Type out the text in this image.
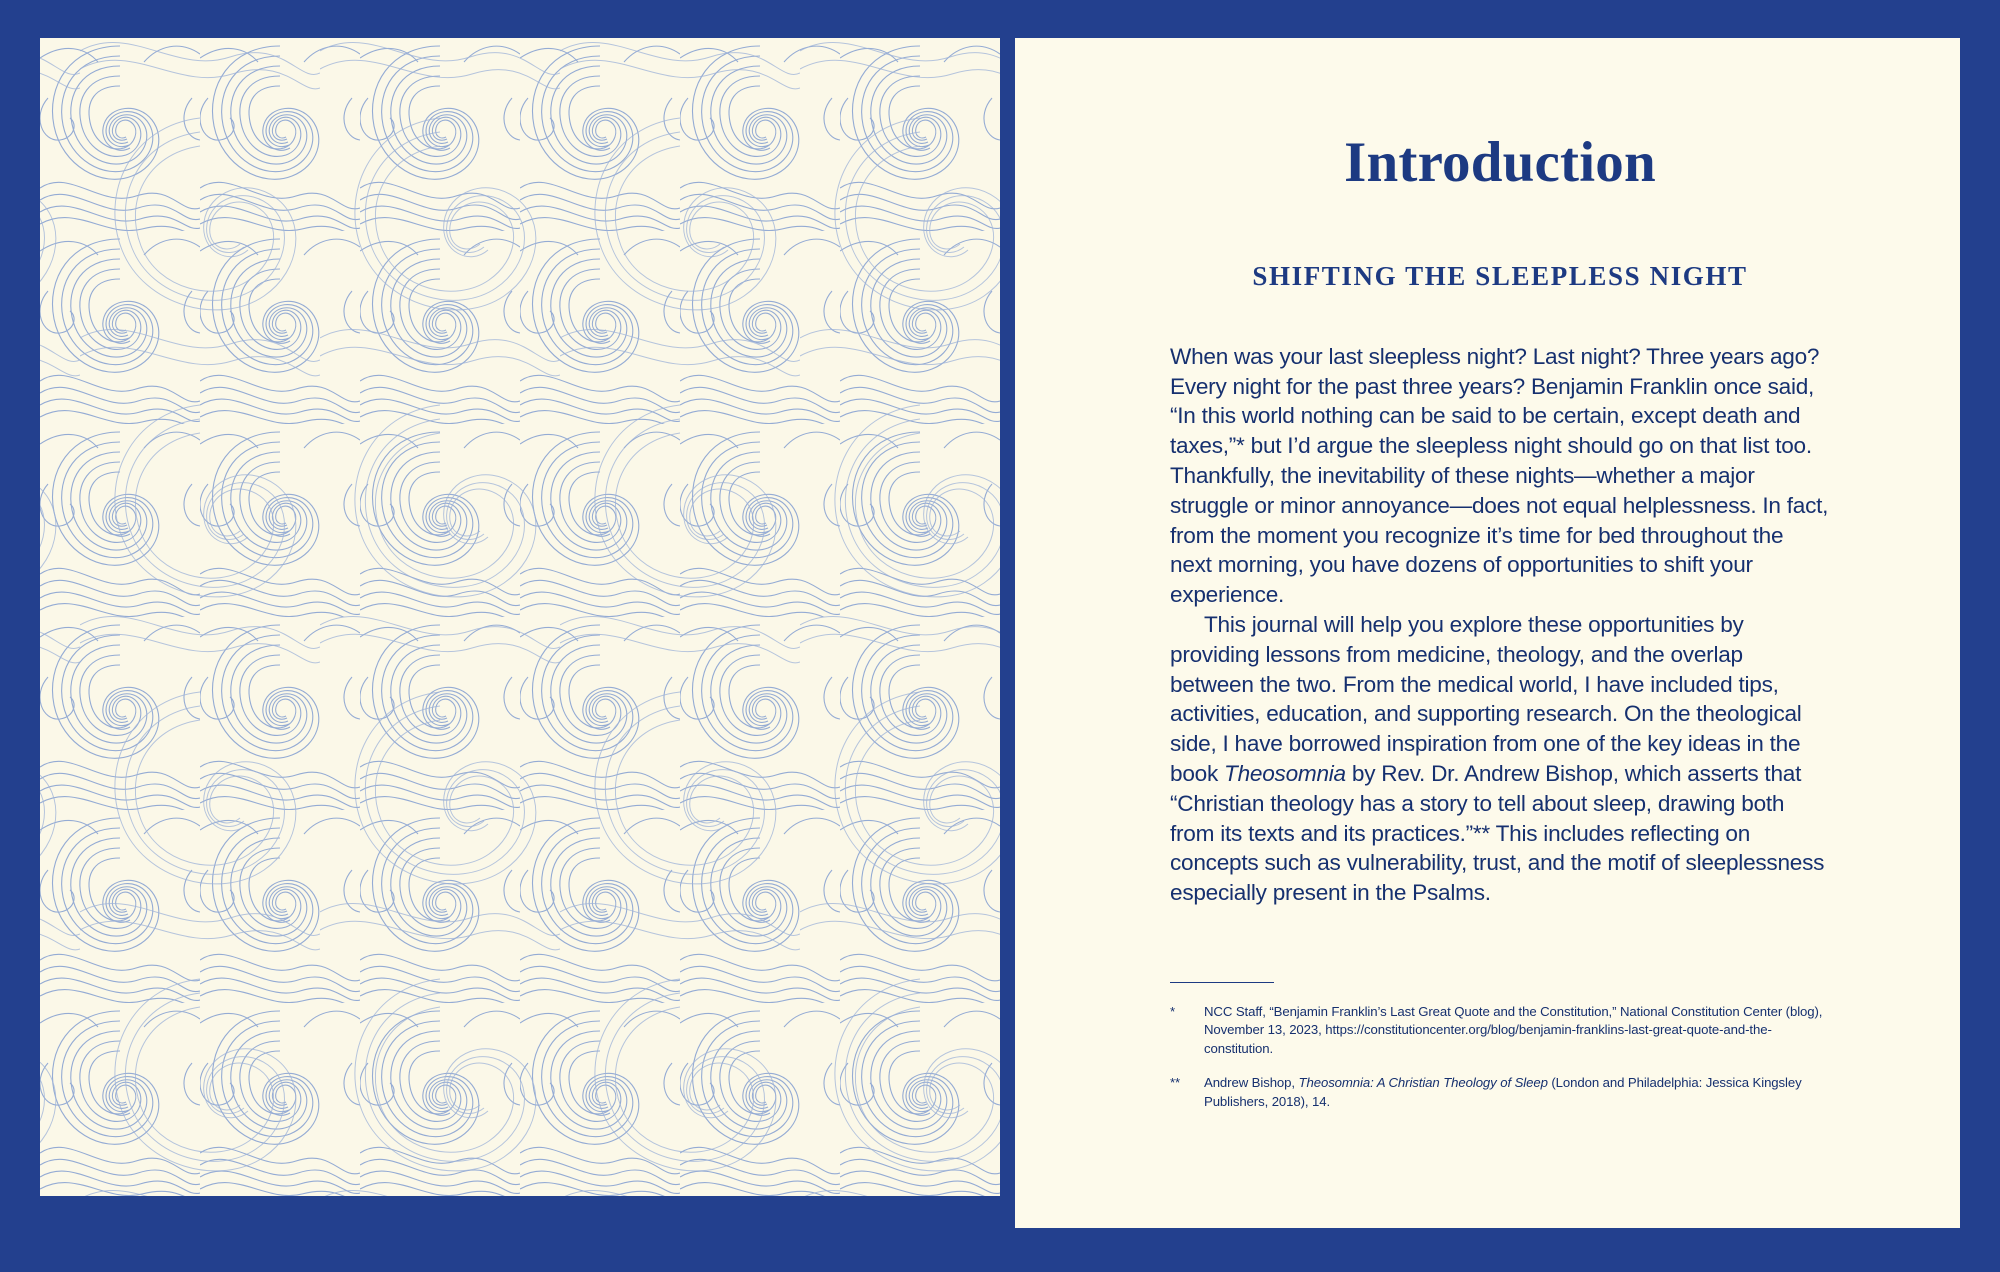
Introduction
SHIFTING THE SLEEPLESS NIGHT

When was your last sleepless night? Last night? Three years ago? Every night for the past three years? Benjamin Franklin once said, “In this world nothing can be said to be certain, except death and taxes,”* but I’d argue the sleepless night should go on that list too. Thankfully, the inevitability of these nights—whether a major struggle or minor annoyance—does not equal helplessness. In fact, from the moment you recognize it’s time for bed throughout the next morning, you have dozens of opportunities to shift your experience.

This journal will help you explore these opportunities by providing lessons from medicine, theology, and the overlap between the two. From the medical world, I have included tips, activities, education, and supporting research. On the theological side, I have borrowed inspiration from one of the key ideas in the book Theosomnia by Rev. Dr. Andrew Bishop, which asserts that “Christian theology has a story to tell about sleep, drawing both from its texts and its practices.”** This includes reflecting on concepts such as vulnerability, trust, and the motif of sleeplessness especially present in the Psalms.

* NCC Staff, “Benjamin Franklin’s Last Great Quote and the Constitution,” National Constitution Center (blog), November 13, 2023, https://constitutioncenter.org/blog/benjamin-franklins-last-great-quote-and-the-constitution.
** Andrew Bishop, Theosomnia: A Christian Theology of Sleep (London and Philadelphia: Jessica Kingsley Publishers, 2018), 14.
